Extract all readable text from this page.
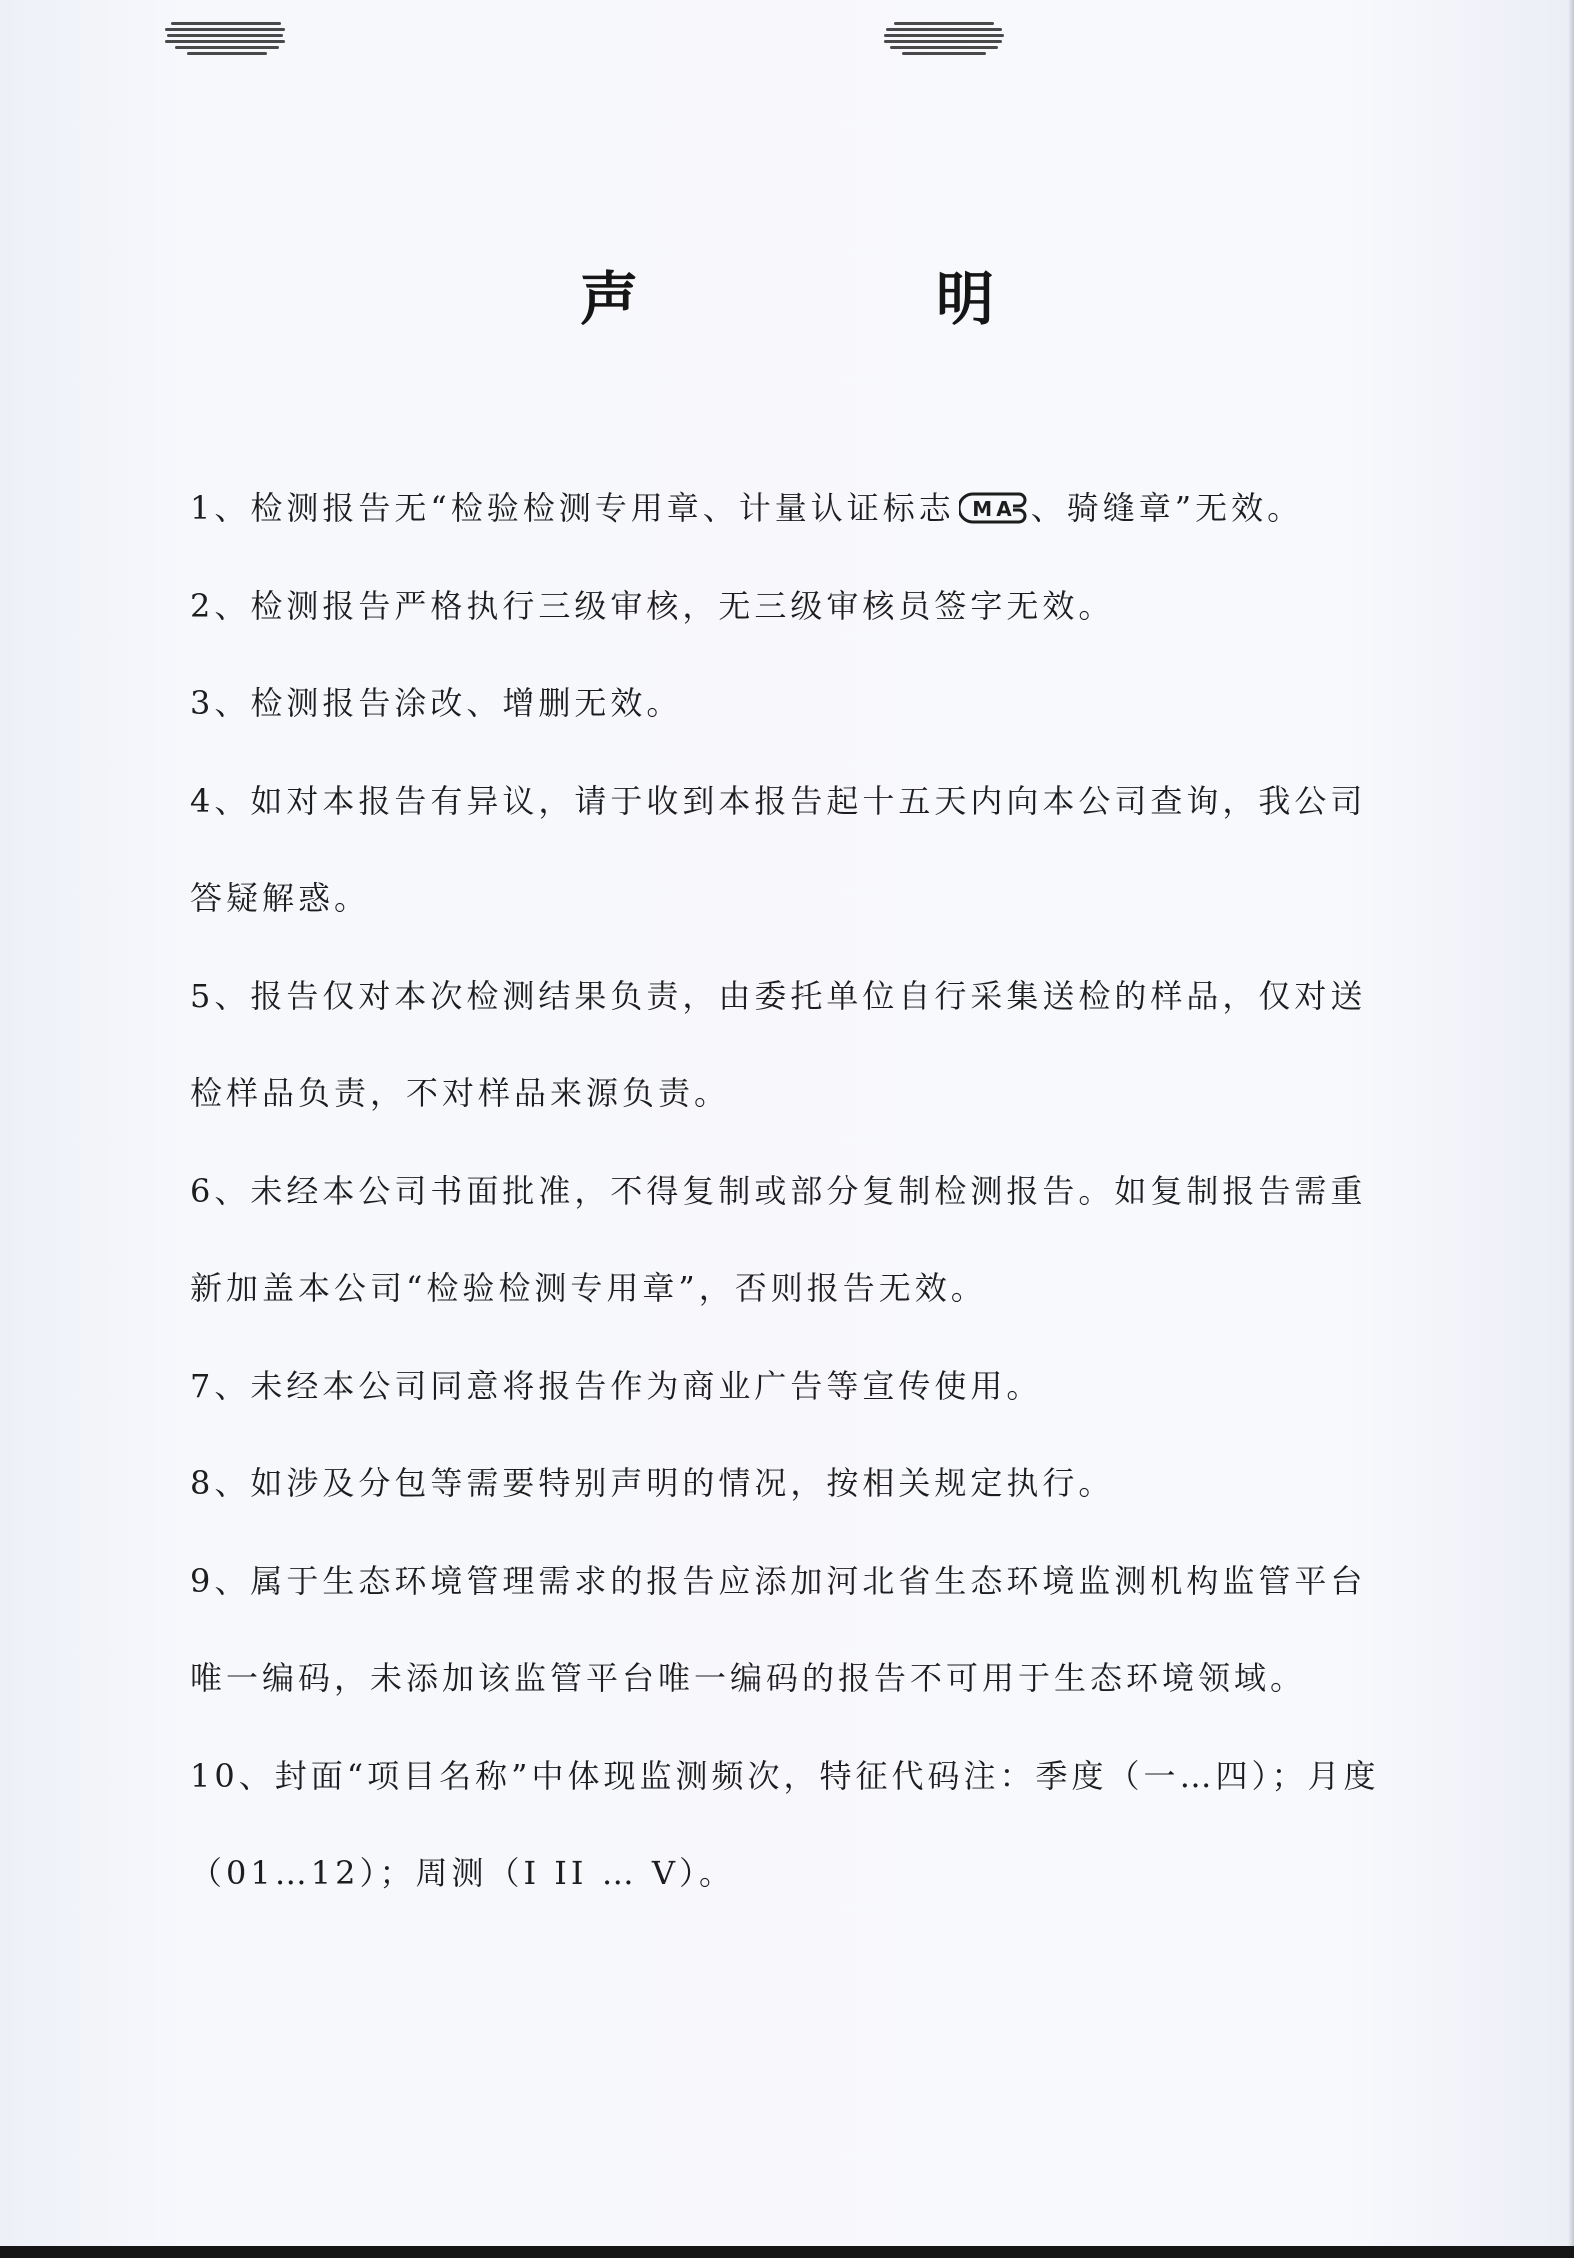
声　明
1、检测报告无“检验检测专用章、计量认证标志 MA 、骑缝章”无效。
2、检测报告严格执行三级审核，无三级审核员签字无效。
3、检测报告涂改、增删无效。
4、如对本报告有异议，请于收到本报告起十五天内向本公司查询，我公司
答疑解惑。
5、报告仅对本次检测结果负责，由委托单位自行采集送检的样品，仅对送
检样品负责，不对样品来源负责。
6、未经本公司书面批准，不得复制或部分复制检测报告。如复制报告需重
新加盖本公司“检验检测专用章”，否则报告无效。
7、未经本公司同意将报告作为商业广告等宣传使用。
8、如涉及分包等需要特别声明的情况，按相关规定执行。
9、属于生态环境管理需求的报告应添加河北省生态环境监测机构监管平台
唯一编码，未添加该监管平台唯一编码的报告不可用于生态环境领域。
10、封面“项目名称”中体现监测频次，特征代码注：季度（一…四）；月度
（01…12）；周测（I II … V）。
